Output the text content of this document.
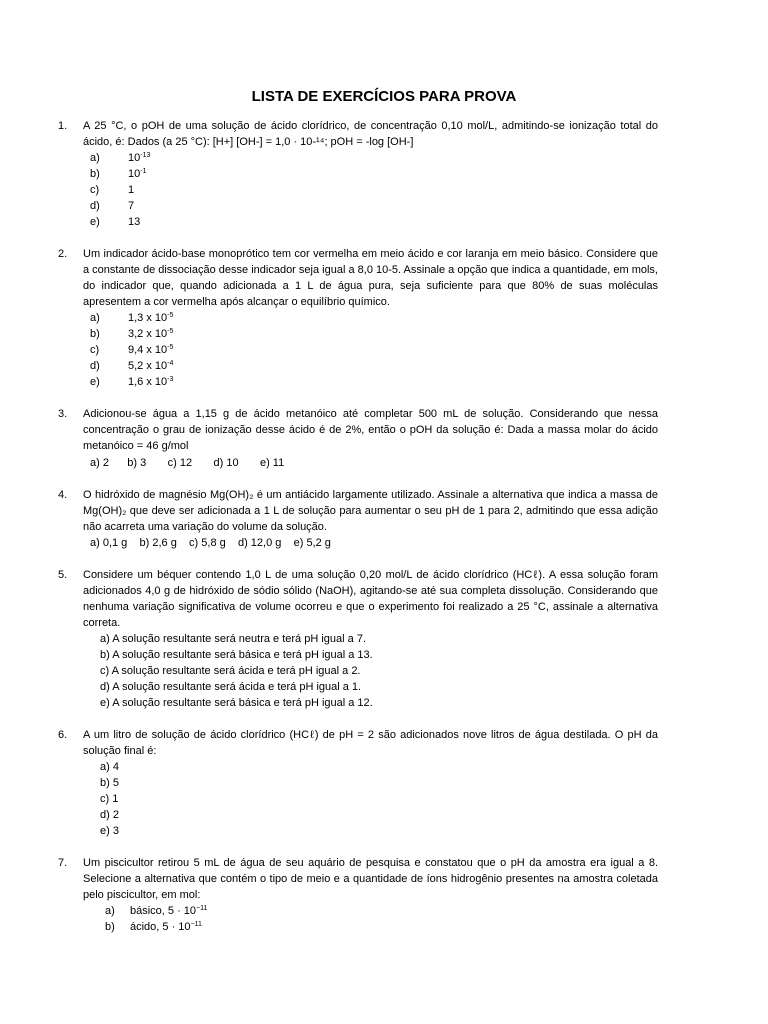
LISTA DE EXERCÍCIOS PARA PROVA
1. A 25 °C, o pOH de uma solução de ácido clorídrico, de concentração 0,10 mol/L, admitindo-se ionização total do ácido, é: Dados (a 25 °C): [H+] [OH-] = 1,0 · 10-¹⁴; pOH = -log [OH-]
a)	$10^{-13}$
b)	$10^{-1}$
c)	1
d)	7
e)	13
2. Um indicador ácido-base monoprótico tem cor vermelha em meio ácido e cor laranja em meio básico. Considere que a constante de dissociação desse indicador seja igual a 8,0 10-5. Assinale a opção que indica a quantidade, em mols, do indicador que, quando adicionada a 1 L de água pura, seja suficiente para que 80% de suas moléculas apresentem a cor vermelha após alcançar o equilíbrio químico.
a)	1,3 x $10^{-5}$
b)	3,2 x $10^{-5}$
c)	9,4 x $10^{-5}$
d)	5,2 x $10^{-4}$
e)	1,6 x $10^{-3}$
3. Adicionou-se água a 1,15 g de ácido metanóico até completar 500 mL de solução. Considerando que nessa concentração o grau de ionização desse ácido é de 2%, então o pOH da solução é: Dada a massa molar do ácido metanóico = 46 g/mol
a) 2      b) 3       c) 12       d) 10       e) 11
4. O hidróxido de magnésio Mg(OH)₂ é um antiácido largamente utilizado. Assinale a alternativa que indica a massa de Mg(OH)₂ que deve ser adicionada a 1 L de solução para aumentar o seu pH de 1 para 2, admitindo que essa adição não acarreta uma variação do volume da solução.
a) 0,1 g    b) 2,6 g    c) 5,8 g    d) 12,0 g    e) 5,2 g
5. Considere um béquer contendo 1,0 L de uma solução 0,20 mol/L de ácido clorídrico (HCℓ). A essa solução foram adicionados 4,0 g de hidróxido de sódio sólido (NaOH), agitando-se até sua completa dissolução. Considerando que nenhuma variação significativa de volume ocorreu e que o experimento foi realizado a 25 °C, assinale a alternativa correta.
a) A solução resultante será neutra e terá pH igual a 7.
b) A solução resultante será básica e terá pH igual a 13.
c) A solução resultante será ácida e terá pH igual a 2.
d) A solução resultante será ácida e terá pH igual a 1.
e) A solução resultante será básica e terá pH igual a 12.
6. A um litro de solução de ácido clorídrico (HCℓ) de pH = 2 são adicionados nove litros de água destilada. O pH da solução final é:
a) 4
b) 5
c) 1
d) 2
e) 3
7. Um piscicultor retirou 5 mL de água de seu aquário de pesquisa e constatou que o pH da amostra era igual a 8. Selecione a alternativa que contém o tipo de meio e a quantidade de íons hidrogênio presentes na amostra coletada pelo piscicultor, em mol:
a) básico, $5 \cdot 10^{-11}$
b) ácido, $5 \cdot 10^{-11}$
